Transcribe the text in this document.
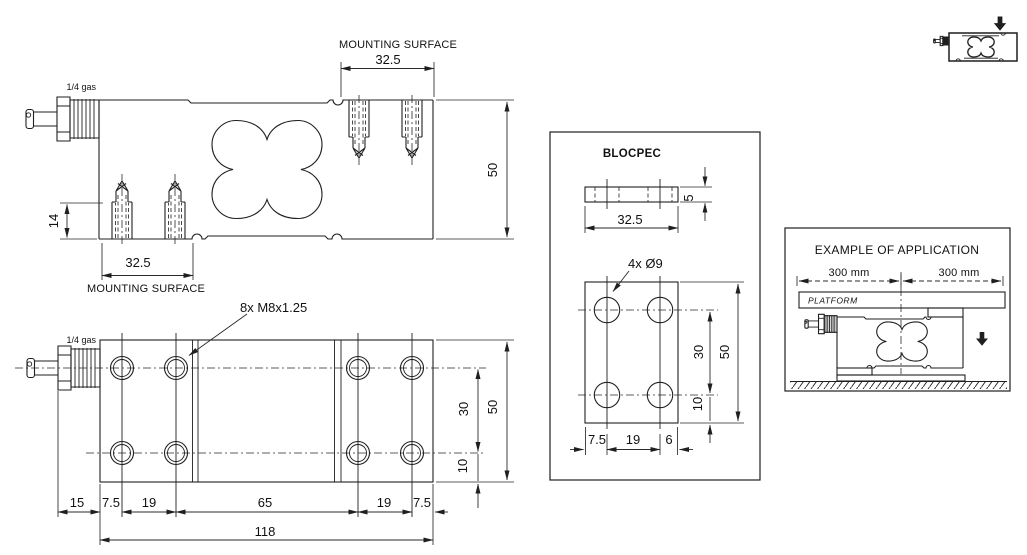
MOUNTING SURFACE
32.5
50
1/4 gas
14
32.5
MOUNTING SURFACE
1/4 gas
8x M8x1.25
15 7.5 19	65	19 7.5
118
30 50
10
BLOCPEC
5
32.5
4x Ø9
30 50
10
7.5 19 6
EXAMPLE OF APPLICATION
300 mm	300 mm
PLATFORM
